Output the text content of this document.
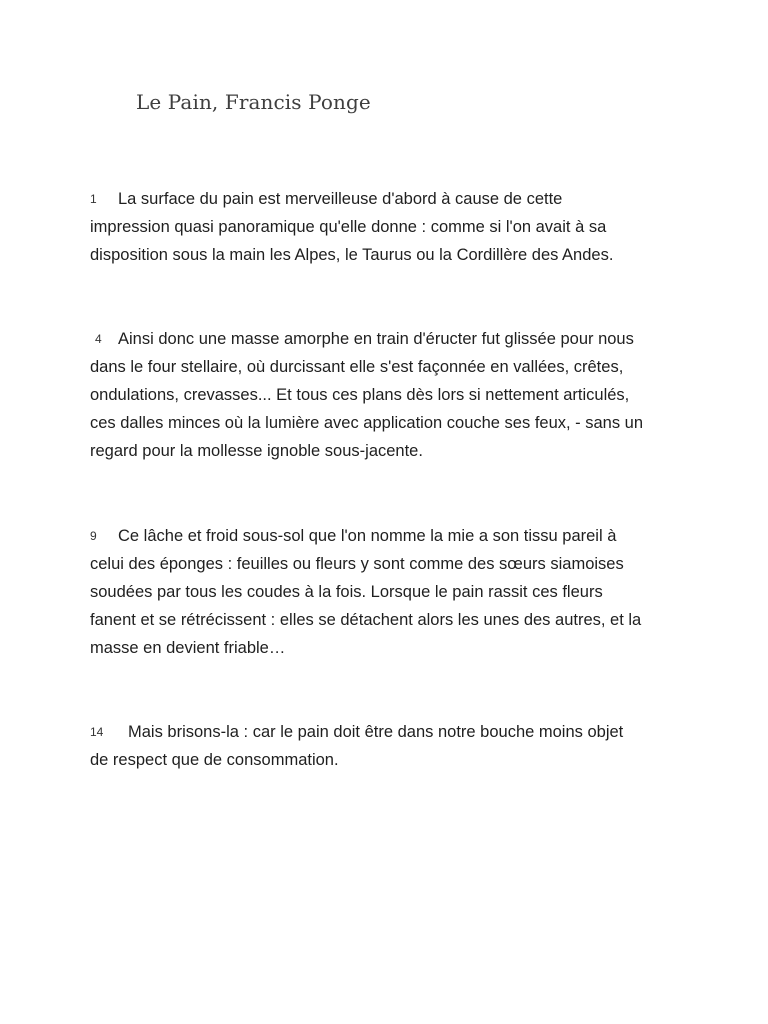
Le Pain, Francis Ponge
1 La surface du pain est merveilleuse d'abord à cause de cette
impression quasi panoramique qu'elle donne : comme si l'on avait à sa
disposition sous la main les Alpes, le Taurus ou la Cordillère des Andes.
4 Ainsi donc une masse amorphe en train d'éructer fut glissée pour nous
dans le four stellaire, où durcissant elle s'est façonnée en vallées, crêtes,
ondulations, crevasses... Et tous ces plans dès lors si nettement articulés,
ces dalles minces où la lumière avec application couche ses feux, - sans un
regard pour la mollesse ignoble sous-jacente.
9 Ce lâche et froid sous-sol que l'on nomme la mie a son tissu pareil à
celui des éponges : feuilles ou fleurs y sont comme des sœurs siamoises
soudées par tous les coudes à la fois. Lorsque le pain rassit ces fleurs
fanent et se rétrécissent : elles se détachent alors les unes des autres, et la
masse en devient friable…
14 Mais brisons-la : car le pain doit être dans notre bouche moins objet
de respect que de consommation.
